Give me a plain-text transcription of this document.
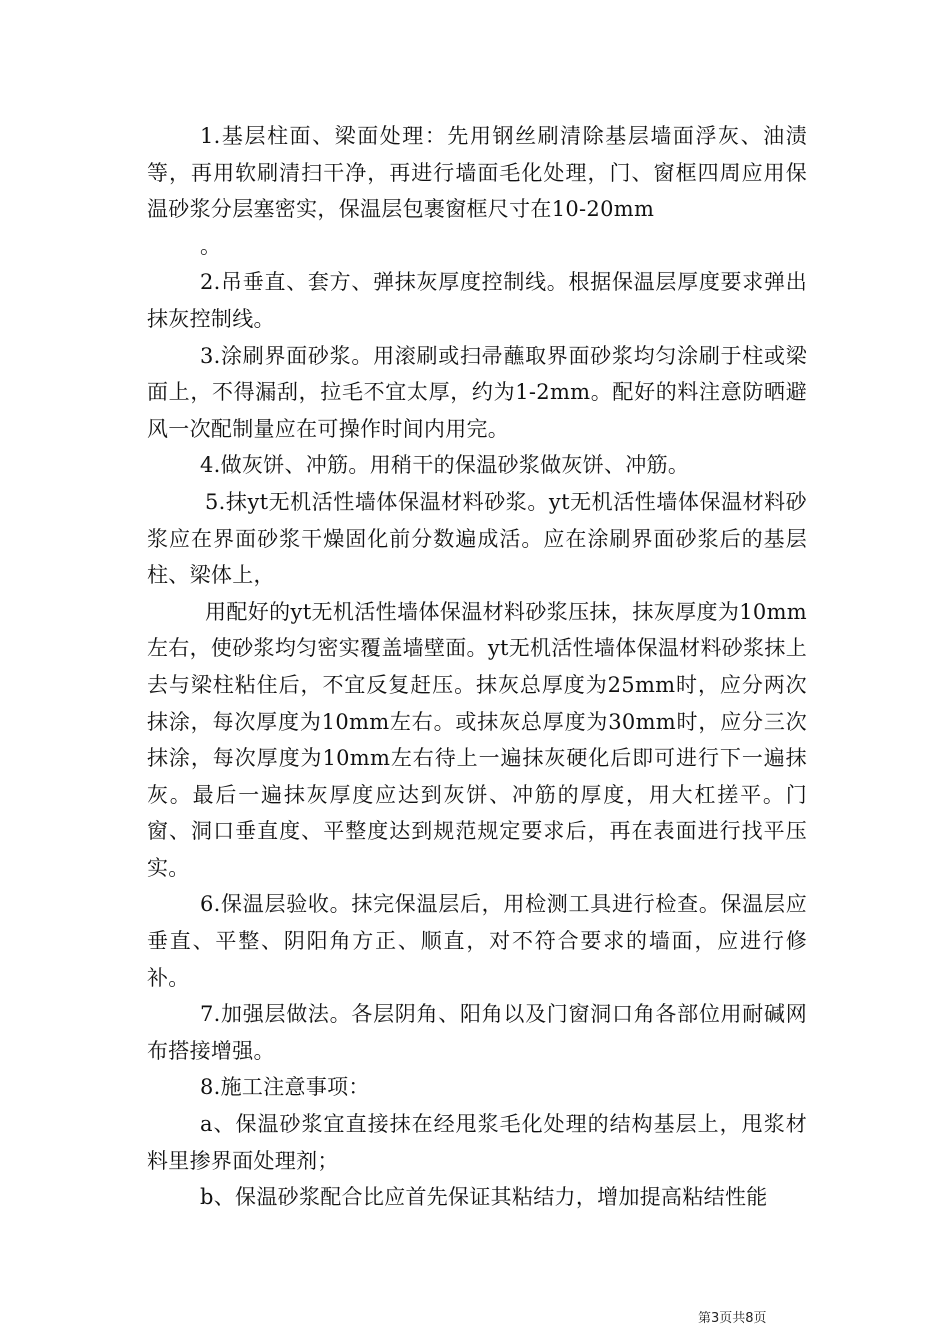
1.基层柱面、梁面处理：先用钢丝刷清除基层墙面浮灰、油渍等，再用软刷清扫干净，再进行墙面毛化处理，门、窗框四周应用保温砂浆分层塞密实，保温层包裹窗框尺寸在10-20mm

。

2.吊垂直、套方、弹抹灰厚度控制线。根据保温层厚度要求弹出抹灰控制线。

3.涂刷界面砂浆。用滚刷或扫帚蘸取界面砂浆均匀涂刷于柱或梁面上，不得漏刮，拉毛不宜太厚，约为1-2mm。配好的料注意防晒避风一次配制量应在可操作时间内用完。

4.做灰饼、冲筋。用稍干的保温砂浆做灰饼、冲筋。

5.抹yt无机活性墙体保温材料砂浆。yt无机活性墙体保温材料砂浆应在界面砂浆干燥固化前分数遍成活。应在涂刷界面砂浆后的基层柱、梁体上，

用配好的yt无机活性墙体保温材料砂浆压抹，抹灰厚度为10mm左右，使砂浆均匀密实覆盖墙壁面。yt无机活性墙体保温材料砂浆抹上去与梁柱粘住后，不宜反复赶压。抹灰总厚度为25mm时，应分两次抹涂，每次厚度为10mm左右。或抹灰总厚度为30mm时，应分三次抹涂，每次厚度为10mm左右待上一遍抹灰硬化后即可进行下一遍抹灰。最后一遍抹灰厚度应达到灰饼、冲筋的厚度，用大杠搓平。门窗、洞口垂直度、平整度达到规范规定要求后，再在表面进行找平压实。

6.保温层验收。抹完保温层后，用检测工具进行检查。保温层应垂直、平整、阴阳角方正、顺直，对不符合要求的墙面，应进行修补。

7.加强层做法。各层阴角、阳角以及门窗洞口角各部位用耐碱网布搭接增强。

8.施工注意事项：

a、保温砂浆宜直接抹在经甩浆毛化处理的结构基层上，甩浆材料里掺界面处理剂；

b、保温砂浆配合比应首先保证其粘结力，增加提高粘结性能

第3页共8页
